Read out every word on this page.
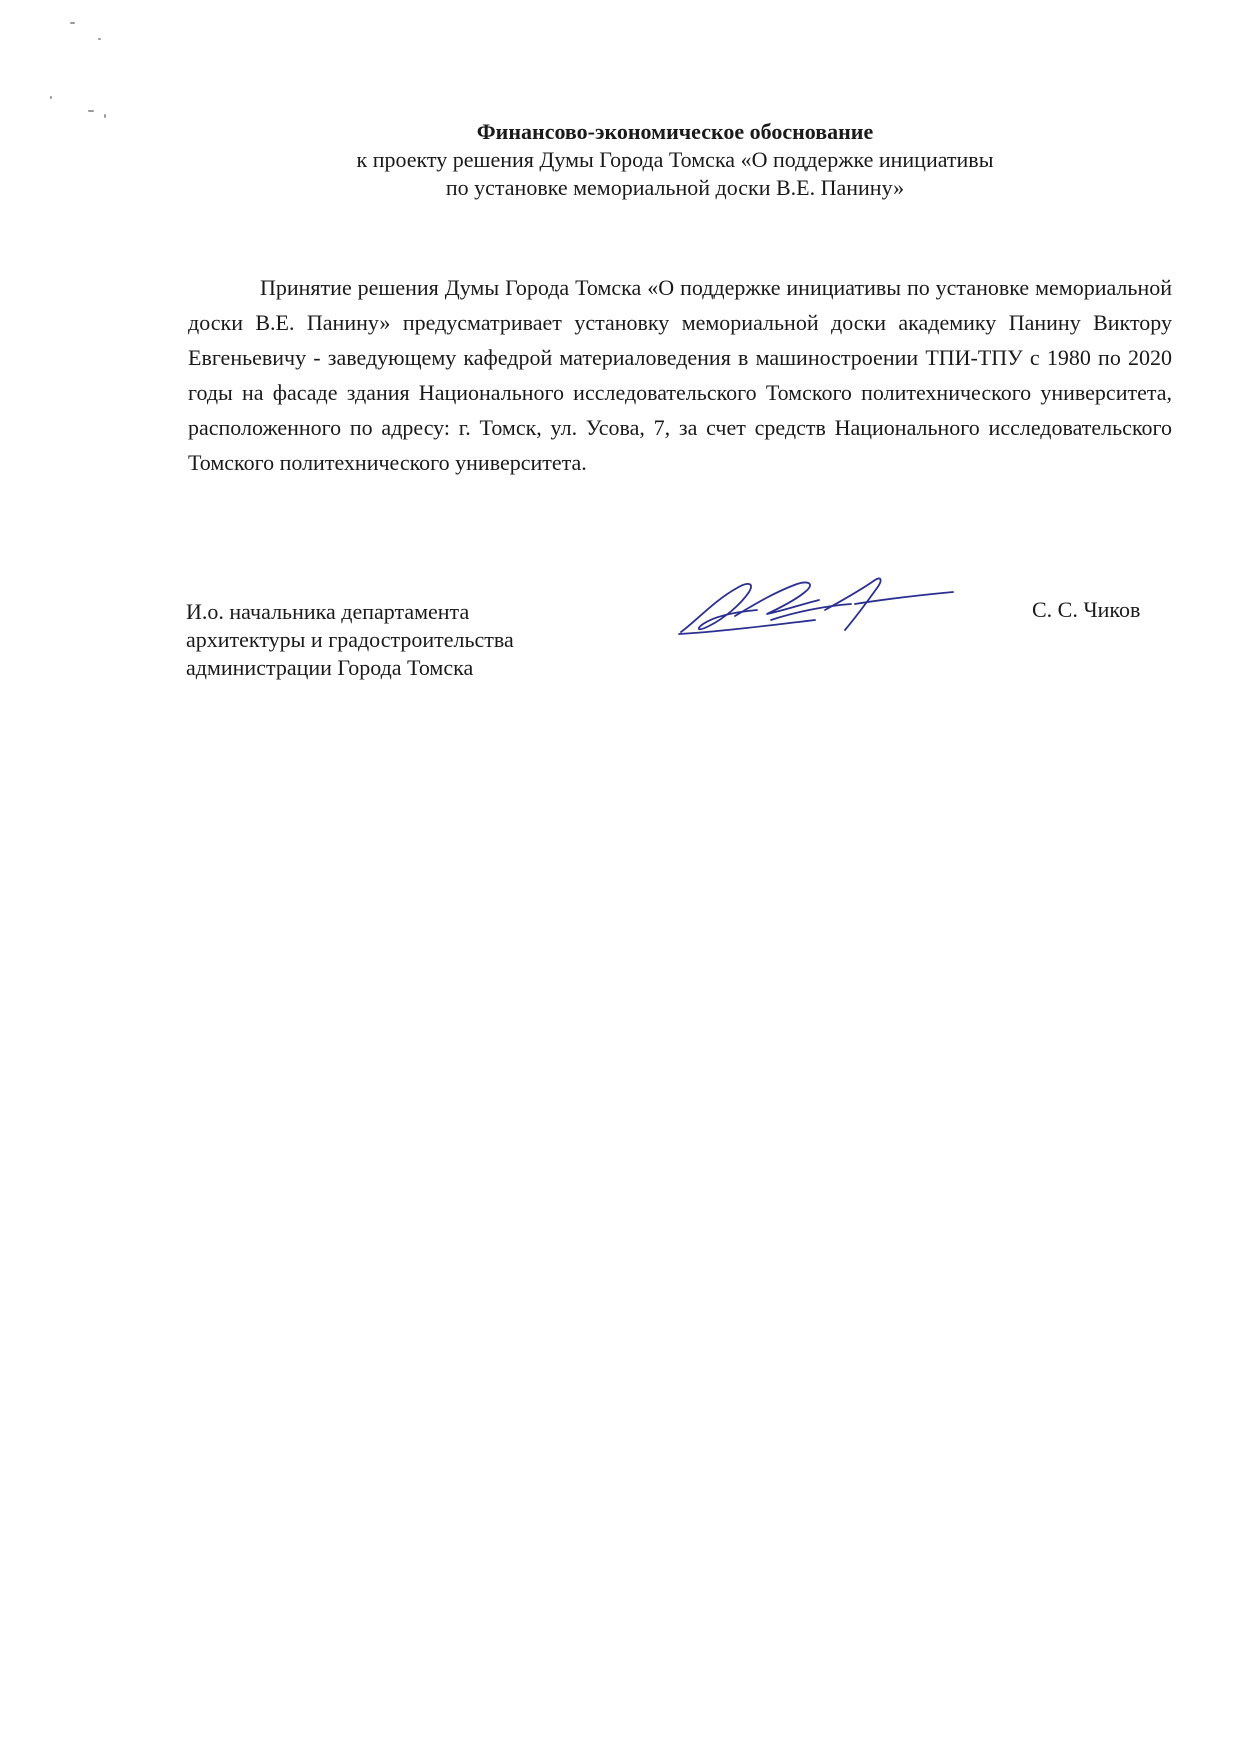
Финансово-экономическое обоснование
к проекту решения Думы Города Томска «О поддержке инициативы
по установке мемориальной доски В.Е. Панину»

Принятие решения Думы Города Томска «О поддержке инициативы по установке мемориальной доски В.Е. Панину» предусматривает установку мемориальной доски академику Панину Виктору Евгеньевичу - заведующему кафедрой материаловедения в машиностроении ТПИ-ТПУ с 1980 по 2020 годы на фасаде здания Национального исследовательского Томского политехнического университета, расположенного по адресу: г. Томск, ул. Усова, 7, за счет средств Национального исследовательского Томского политехнического университета.

И.о. начальника департамента
архитектуры и градостроительства
администрации Города Томска
С. С. Чиков
